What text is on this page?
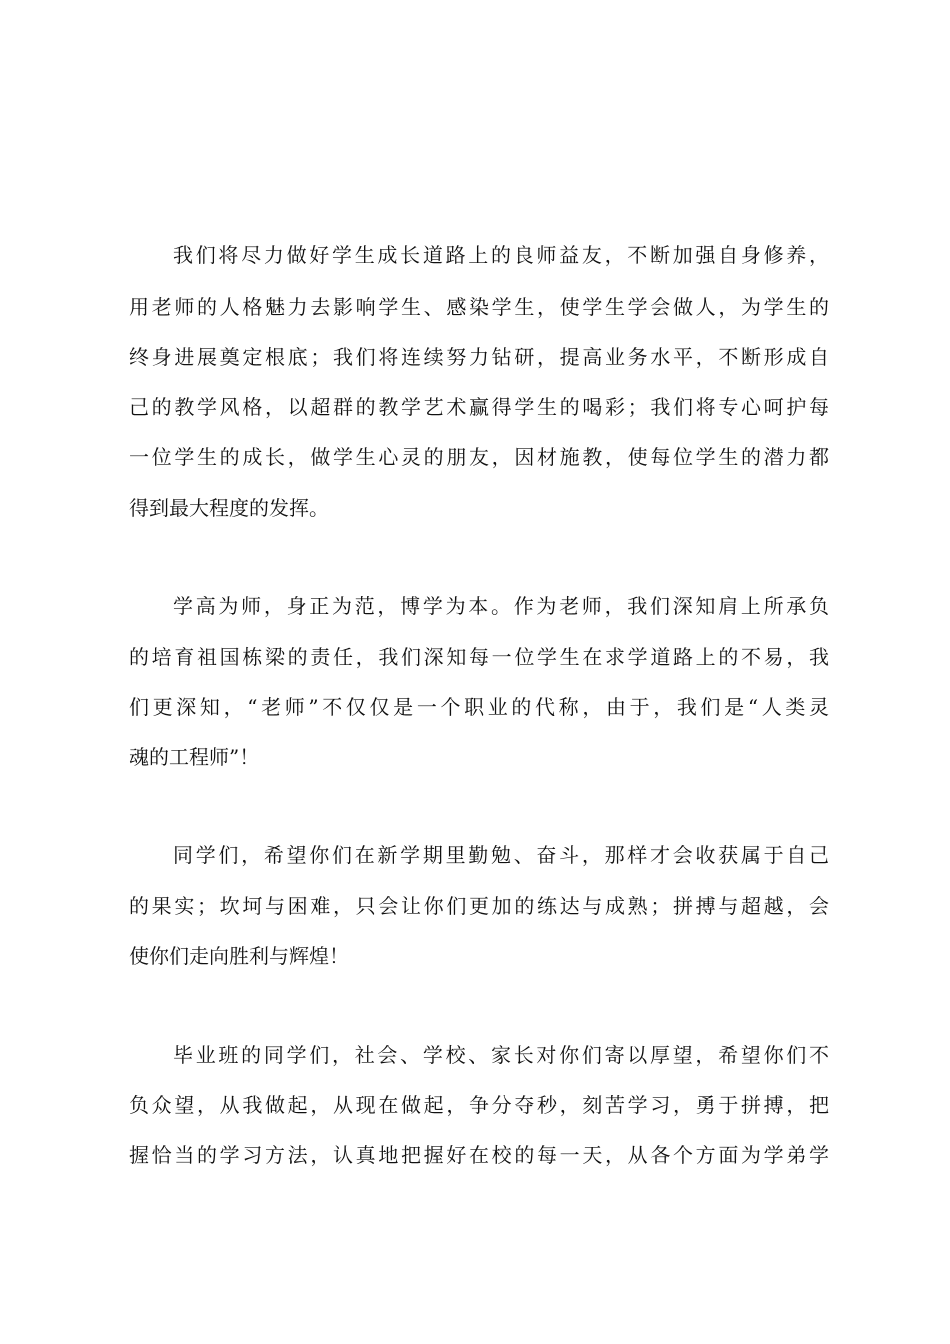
我们将尽力做好学生成长道路上的良师益友，不断加强自身修养，

用老师的人格魅力去影响学生、感染学生，使学生学会做人，为学生的

终身进展奠定根底；我们将连续努力钻研，提高业务水平，不断形成自

己的教学风格，以超群的教学艺术赢得学生的喝彩；我们将专心呵护每

一位学生的成长，做学生心灵的朋友，因材施教，使每位学生的潜力都

得到最大程度的发挥。

学高为师，身正为范，博学为本。作为老师，我们深知肩上所承负

的培育祖国栋梁的责任，我们深知每一位学生在求学道路上的不易，我

们更深知，“老师”不仅仅是一个职业的代称，由于，我们是“人类灵

魂的工程师”！

同学们，希望你们在新学期里勤勉、奋斗，那样才会收获属于自己

的果实；坎坷与困难，只会让你们更加的练达与成熟；拼搏与超越，会

使你们走向胜利与辉煌！

毕业班的同学们，社会、学校、家长对你们寄以厚望，希望你们不

负众望，从我做起，从现在做起，争分夺秒，刻苦学习，勇于拼搏，把

握恰当的学习方法，认真地把握好在校的每一天，从各个方面为学弟学
